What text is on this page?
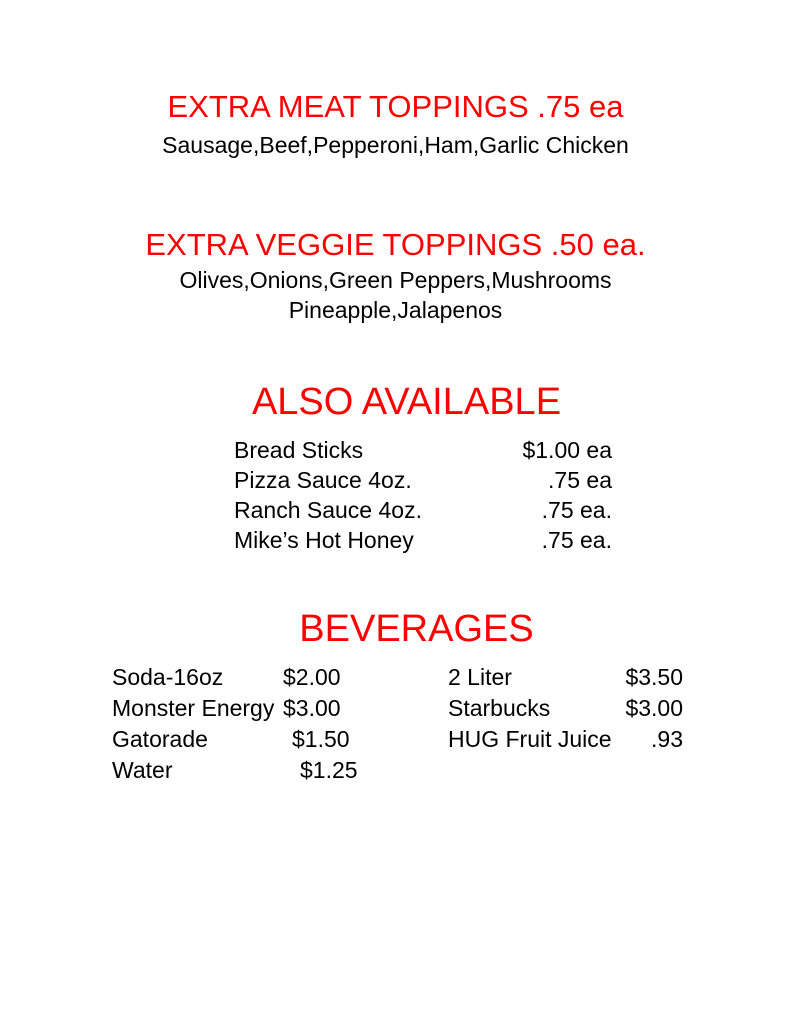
EXTRA MEAT TOPPINGS .75 ea
Sausage,Beef,Pepperoni,Ham,Garlic Chicken
EXTRA VEGGIE TOPPINGS .50 ea.
Olives,Onions,Green Peppers,Mushrooms
Pineapple,Jalapenos
ALSO AVAILABLE
Bread Sticks	$1.00 ea
Pizza Sauce 4oz.	.75 ea
Ranch Sauce 4oz.	.75 ea.
Mike’s Hot Honey	.75 ea.
BEVERAGES
Soda-16oz	$2.00
Monster Energy $3.00
Gatorade	$1.50
Water	$1.25
2 Liter	$3.50
Starbucks	$3.00
HUG Fruit Juice .93
